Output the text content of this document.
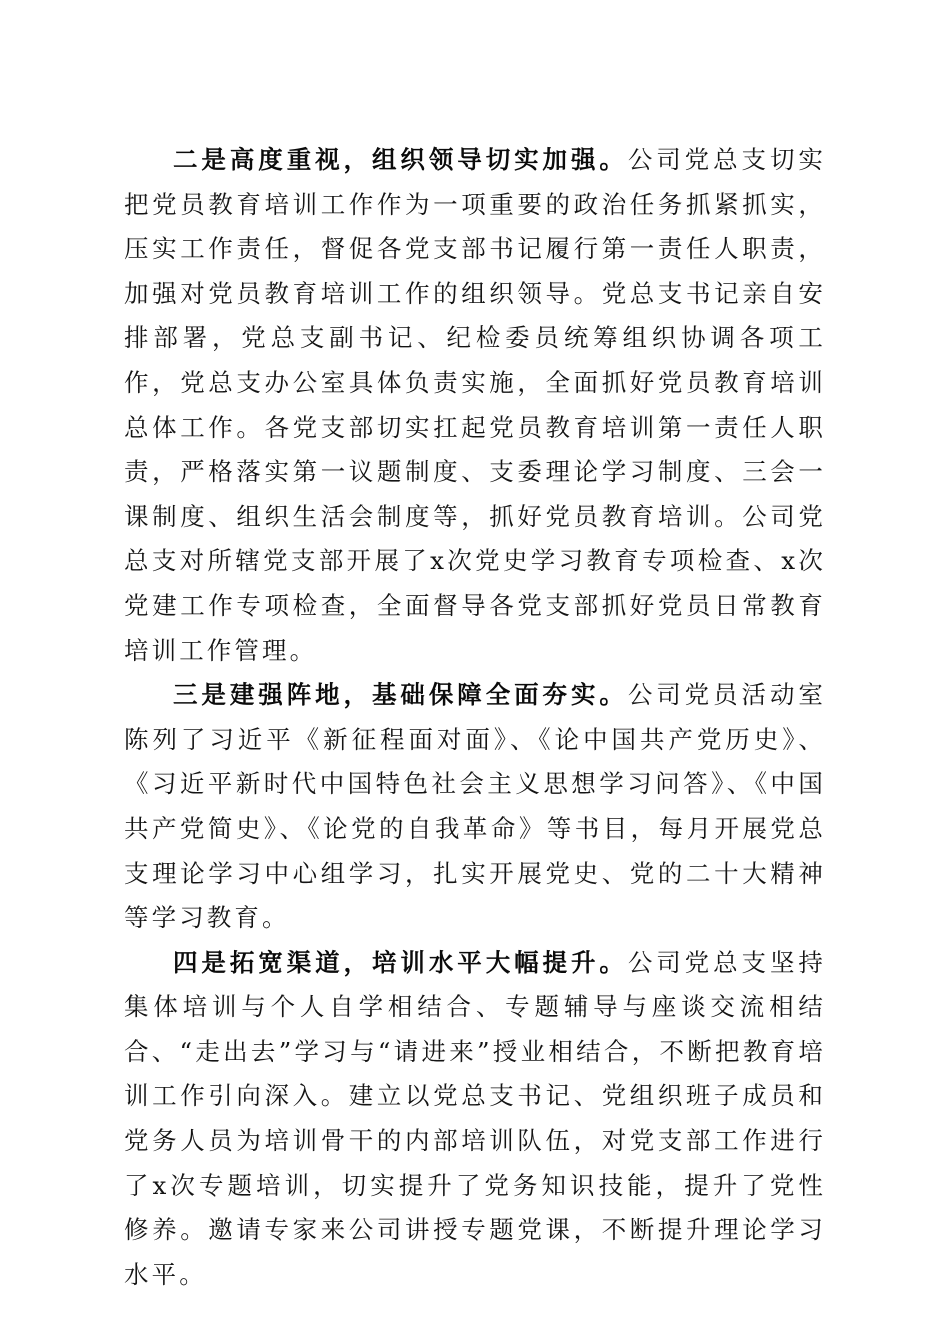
二是高度重视，组织领导切实加强。公司党总支切实把党员教育培训工作作为一项重要的政治任务抓紧抓实，压实工作责任，督促各党支部书记履行第一责任人职责，加强对党员教育培训工作的组织领导。党总支书记亲自安排部署，党总支副书记、纪检委员统筹组织协调各项工作，党总支办公室具体负责实施，全面抓好党员教育培训总体工作。各党支部切实扛起党员教育培训第一责任人职责，严格落实第一议题制度、支委理论学习制度、三会一课制度、组织生活会制度等，抓好党员教育培训。公司党总支对所辖党支部开展了x次党史学习教育专项检查、x次党建工作专项检查，全面督导各党支部抓好党员日常教育培训工作管理。

三是建强阵地，基础保障全面夯实。公司党员活动室陈列了习近平《新征程面对面》、《论中国共产党历史》、《习近平新时代中国特色社会主义思想学习问答》、《中国共产党简史》、《论党的自我革命》等书目，每月开展党总支理论学习中心组学习，扎实开展党史、党的二十大精神等学习教育。

四是拓宽渠道，培训水平大幅提升。公司党总支坚持集体培训与个人自学相结合、专题辅导与座谈交流相结合、“走出去”学习与“请进来”授业相结合，不断把教育培训工作引向深入。建立以党总支书记、党组织班子成员和党务人员为培训骨干的内部培训队伍，对党支部工作进行了x次专题培训，切实提升了党务知识技能，提升了党性修养。邀请专家来公司讲授专题党课，不断提升理论学习水平。
